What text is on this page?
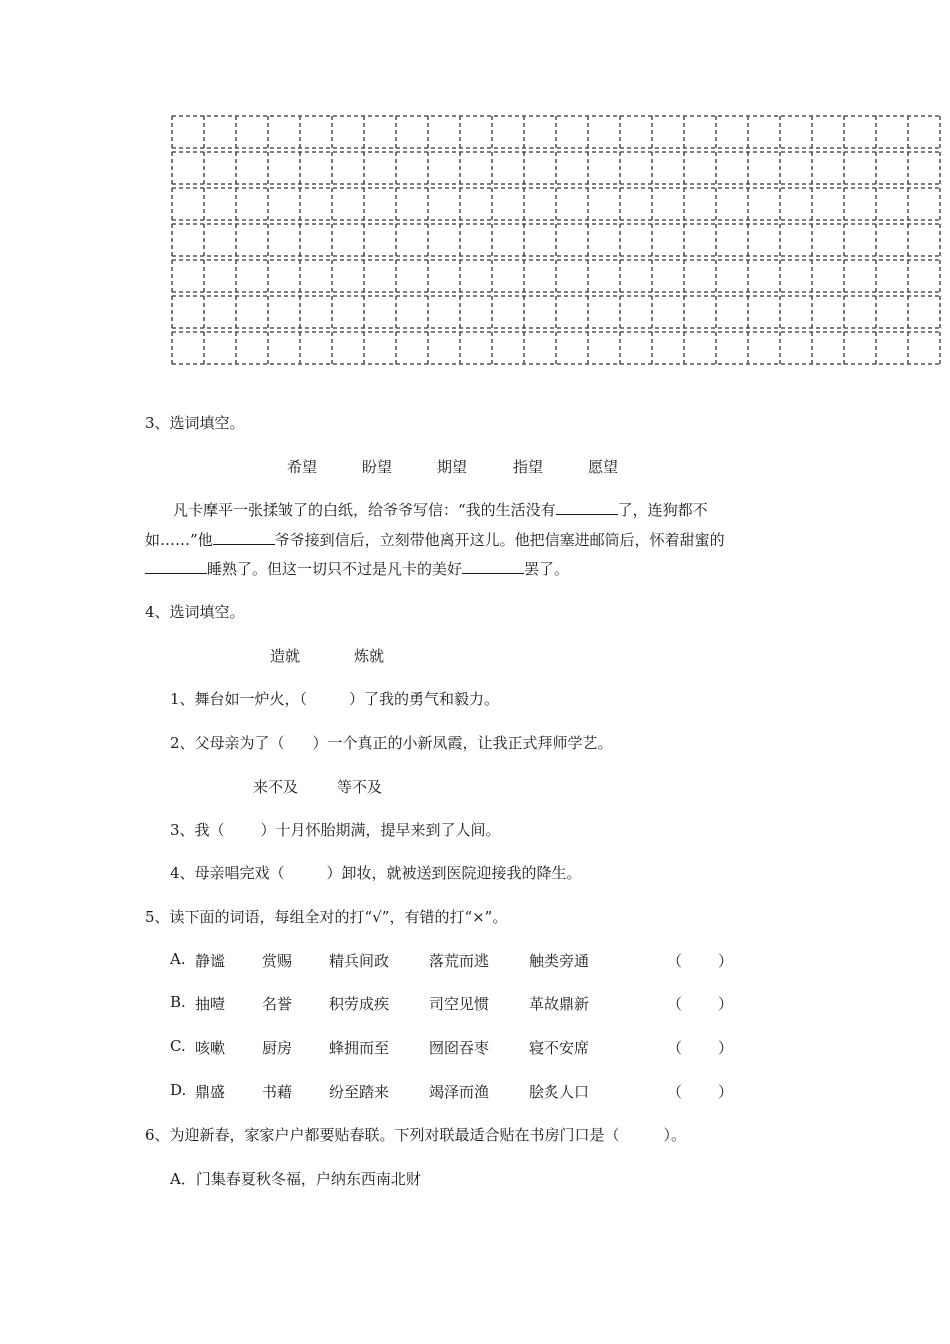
3、选词填空。
希望	盼望	期望	指望	愿望
凡卡摩平一张揉皱了的白纸，给爷爷写信：“我的生活没有	了，连狗都不
如……”他	爷爷接到信后，立刻带他离开这儿。他把信塞进邮筒后，怀着甜蜜的
睡熟了。但这一切只不过是凡卡的美好	罢了。
4、选词填空。
造就	炼就
1、舞台如一炉火，（	）了我的勇气和毅力。
2、父母亲为了（ ）一个真正的小新凤霞，让我正式拜师学艺。
来不及	等不及
3、我（ ）十月怀胎期满，提早来到了人间。
4、母亲唱完戏（	）卸妆，就被送到医院迎接我的降生。
5、读下面的词语，每组全对的打“√”，有错的打“×”。
A. 静谧 赏赐 精兵间政	落荒而逃	触类旁通	（ ）
B. 抽噎 名誉 积劳成疾	司空见惯	革故鼎新	（ ）
C. 咳嗽 厨房 蜂拥而至	囫囵吞枣	寝不安席	（ ）
D. 鼎盛 书藉 纷至踏来	竭泽而渔	脍炙人口	（ ）
6、为迎新春，家家户户都要贴春联。下列对联最适合贴在书房门口是（	）。
A．门集春夏秋冬福，户纳东西南北财
